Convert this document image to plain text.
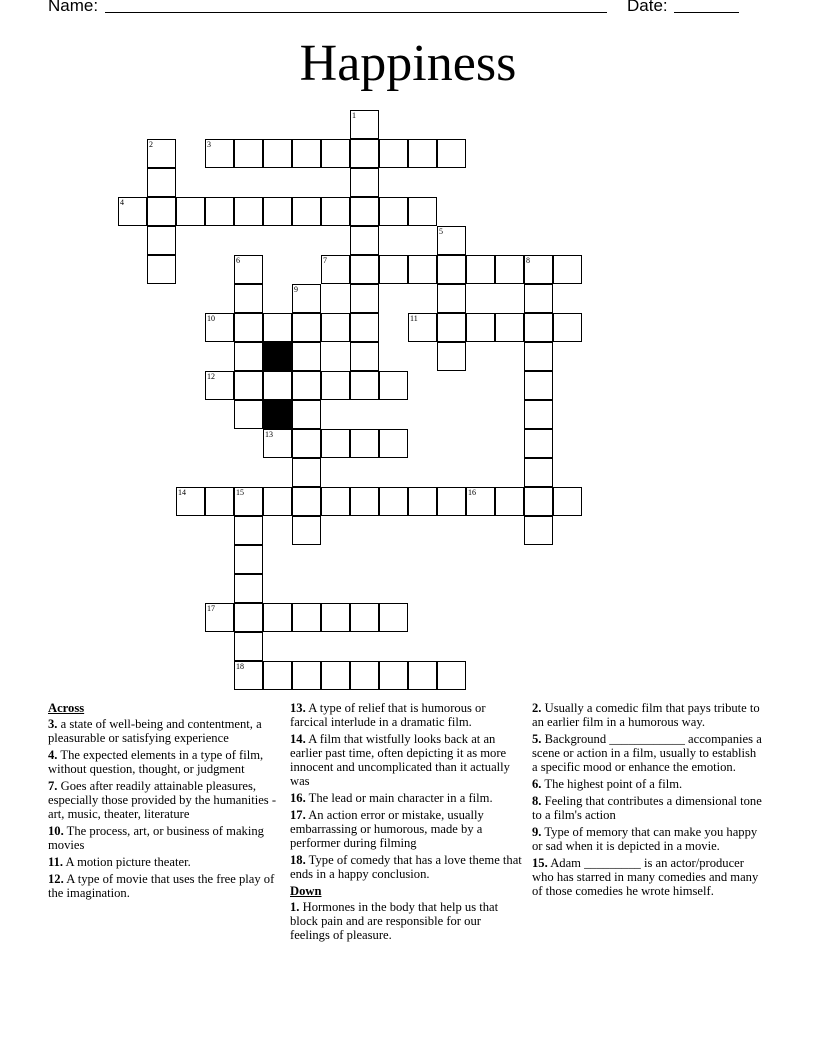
Name:	Date:
Happiness
3
4
7	8
10	11
12
13
14	15	16
17
18
1
2
5
6
9
Across
3. a state of well-being and contentment, a pleasurable or satisfying experience
4. The expected elements in a type of film, without question, thought, or judgment
7. Goes after readily attainable pleasures, especially those provided by the humanities - art, music, theater, literature
10. The process, art, or business of making movies
11. A motion picture theater.
12. A type of movie that uses the free play of the imagination.
13. A type of relief that is humorous or farcical interlude in a dramatic film.
14. A film that wistfully looks back at an earlier past time, often depicting it as more innocent and uncomplicated than it actually was
16. The lead or main character in a film.
17. An action error or mistake, usually embarrassing or humorous, made by a performer during filming
18. Type of comedy that has a love theme that ends in a happy conclusion.
Down
1. Hormones in the body that help us that block pain and are responsible for our feelings of pleasure.
2. Usually a comedic film that pays tribute to an earlier film in a humorous way.
5. Background ____________ accompanies a scene or action in a film, usually to establish a specific mood or enhance the emotion.
6. The highest point of a film.
8. Feeling that contributes a dimensional tone to a film's action
9. Type of memory that can make you happy or sad when it is depicted in a movie.
15. Adam _________ is an actor/producer who has starred in many comedies and many of those comedies he wrote himself.
